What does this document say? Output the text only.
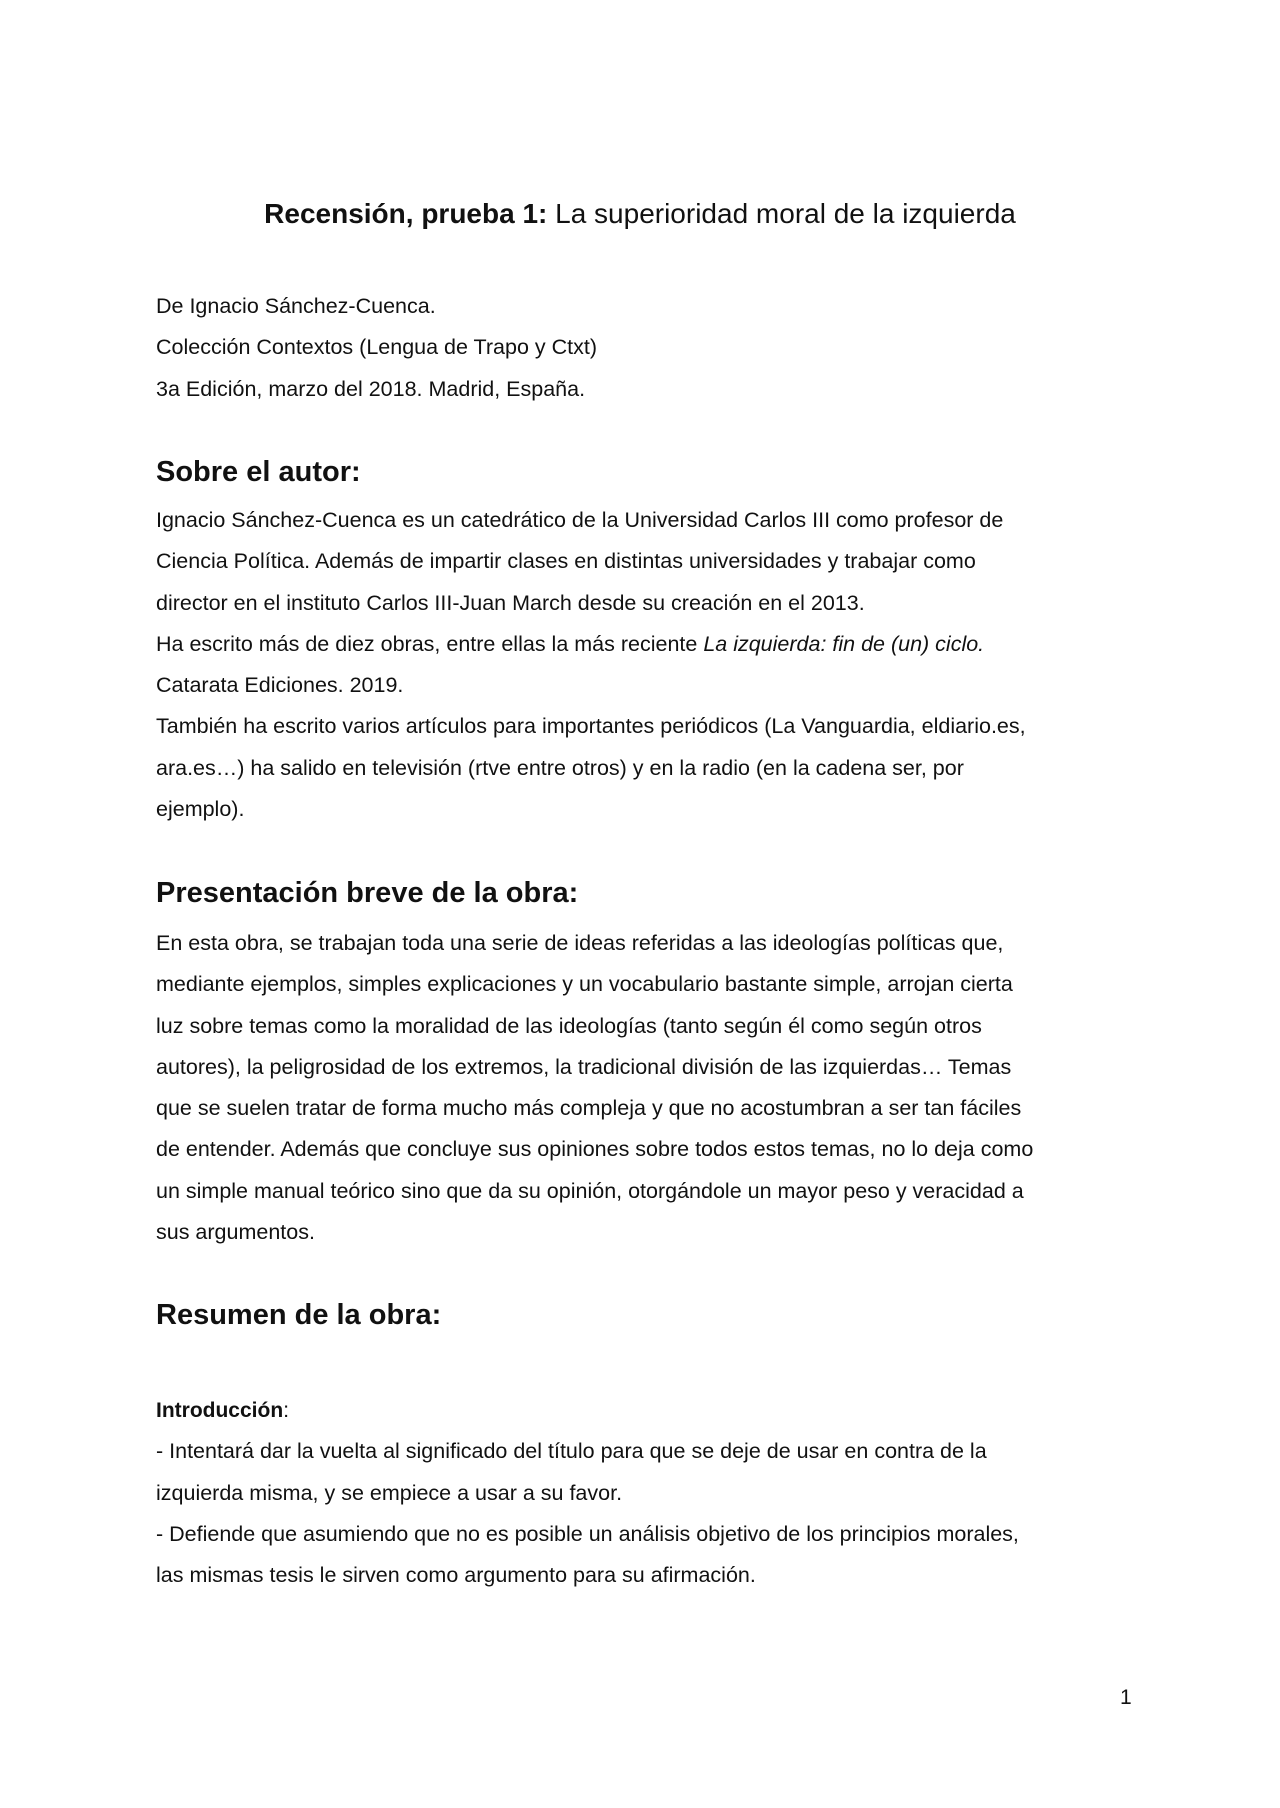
Recensión, prueba 1: La superioridad moral de la izquierda
De Ignacio Sánchez-Cuenca.
Colección Contextos (Lengua de Trapo y Ctxt)
3a Edición, marzo del 2018. Madrid, España.
Sobre el autor:
Ignacio Sánchez-Cuenca es un catedrático de la Universidad Carlos III como profesor de
Ciencia Política. Además de impartir clases en distintas universidades y trabajar como
director en el instituto Carlos III-Juan March desde su creación en el 2013.
Ha escrito más de diez obras, entre ellas la más reciente La izquierda: fin de (un) ciclo.
Catarata Ediciones. 2019.
También ha escrito varios artículos para importantes periódicos (La Vanguardia, eldiario.es,
ara.es…) ha salido en televisión (rtve entre otros) y en la radio (en la cadena ser, por
ejemplo).
Presentación breve de la obra:
En esta obra, se trabajan toda una serie de ideas referidas a las ideologías políticas que,
mediante ejemplos, simples explicaciones y un vocabulario bastante simple, arrojan cierta
luz sobre temas como la moralidad de las ideologías (tanto según él como según otros
autores), la peligrosidad de los extremos, la tradicional división de las izquierdas… Temas
que se suelen tratar de forma mucho más compleja y que no acostumbran a ser tan fáciles
de entender. Además que concluye sus opiniones sobre todos estos temas, no lo deja como
un simple manual teórico sino que da su opinión, otorgándole un mayor peso y veracidad a
sus argumentos.
Resumen de la obra:
Introducción:
- Intentará dar la vuelta al significado del título para que se deje de usar en contra de la
izquierda misma, y se empiece a usar a su favor.
- Defiende que asumiendo que no es posible un análisis objetivo de los principios morales,
las mismas tesis le sirven como argumento para su afirmación.
1
